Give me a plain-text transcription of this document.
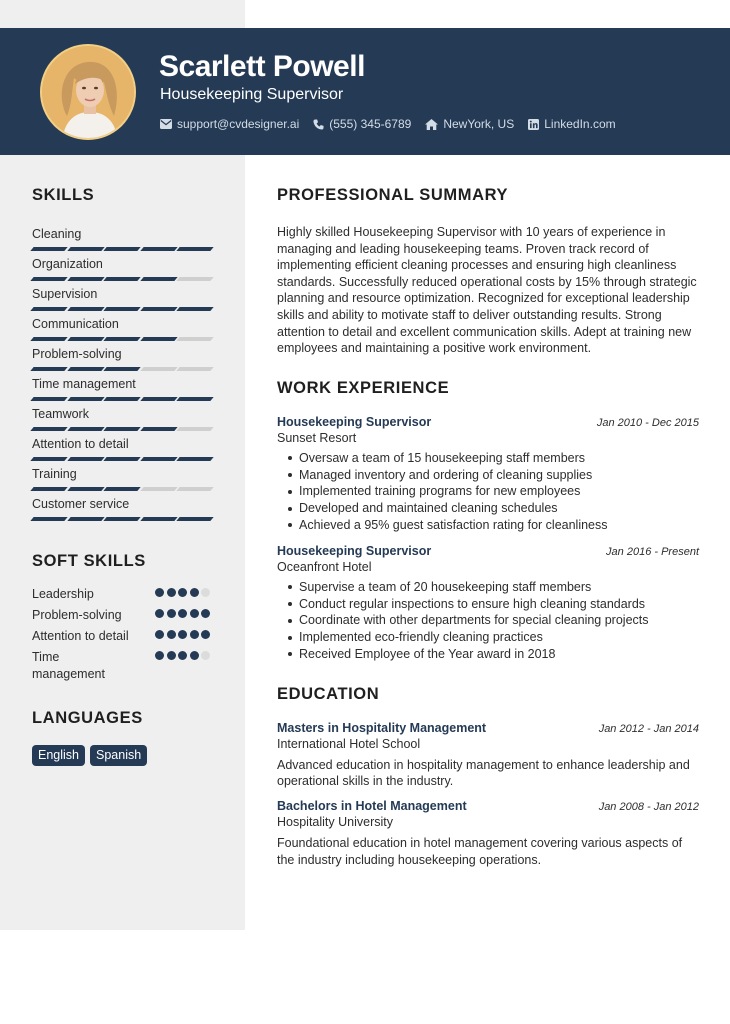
Scarlett Powell
Housekeeping Supervisor
support@cvdesigner.ai	(555) 345-6789	NewYork, US	LinkedIn.com
SKILLS
Cleaning
Organization
Supervision
Communication
Problem-solving
Time management
Teamwork
Attention to detail
Training
Customer service
SOFT SKILLS
Leadership
Problem-solving
Attention to detail
Time management
LANGUAGES
English	Spanish
PROFESSIONAL SUMMARY
Highly skilled Housekeeping Supervisor with 10 years of experience in managing and leading housekeeping teams. Proven track record of implementing efficient cleaning processes and ensuring high cleanliness standards. Successfully reduced operational costs by 15% through strategic planning and resource optimization. Recognized for exceptional leadership skills and ability to motivate staff to deliver outstanding results. Strong attention to detail and excellent communication skills. Adept at training new employees and maintaining a positive work environment.
WORK EXPERIENCE
Housekeeping Supervisor	Jan 2010 - Dec 2015
Sunset Resort
Oversaw a team of 15 housekeeping staff members
Managed inventory and ordering of cleaning supplies
Implemented training programs for new employees
Developed and maintained cleaning schedules
Achieved a 95% guest satisfaction rating for cleanliness
Housekeeping Supervisor	Jan 2016 - Present
Oceanfront Hotel
Supervise a team of 20 housekeeping staff members
Conduct regular inspections to ensure high cleaning standards
Coordinate with other departments for special cleaning projects
Implemented eco-friendly cleaning practices
Received Employee of the Year award in 2018
EDUCATION
Masters in Hospitality Management	Jan 2012 - Jan 2014
International Hotel School
Advanced education in hospitality management to enhance leadership and operational skills in the industry.
Bachelors in Hotel Management	Jan 2008 - Jan 2012
Hospitality University
Foundational education in hotel management covering various aspects of the industry including housekeeping operations.
